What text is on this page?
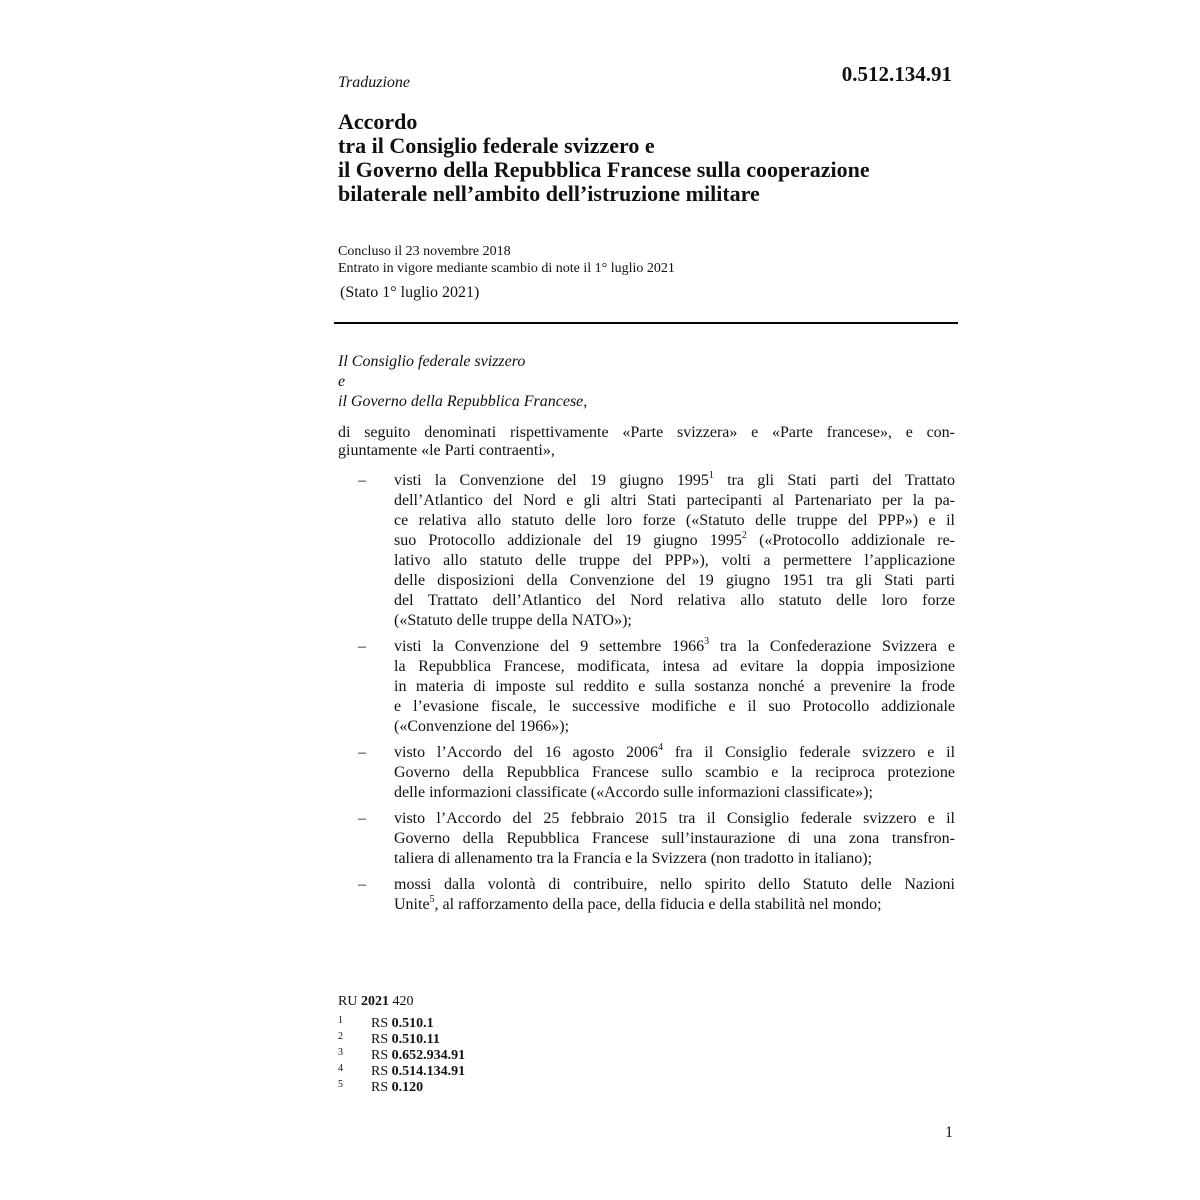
Traduzione	0.512.134.91
Accordo
tra il Consiglio federale svizzero e
il Governo della Repubblica Francese sulla cooperazione
bilaterale nell’ambito dell’istruzione militare
Concluso il 23 novembre 2018
Entrato in vigore mediante scambio di note il 1° luglio 2021
(Stato 1° luglio 2021)
Il Consiglio federale svizzero
e
il Governo della Repubblica Francese,
di seguito denominati rispettivamente «Parte svizzera» e «Parte francese», e con-
giuntamente «le Parti contraenti»,
– visti la Convenzione del 19 giugno 1995$^1$ tra gli Stati parti del Trattato
dell’Atlantico del Nord e gli altri Stati partecipanti al Partenariato per la pa-
ce relativa allo statuto delle loro forze («Statuto delle truppe del PPP») e il
suo Protocollo addizionale del 19 giugno 1995$^2$ («Protocollo addizionale re-
lativo allo statuto delle truppe del PPP»), volti a permettere l’applicazione
delle disposizioni della Convenzione del 19 giugno 1951 tra gli Stati parti
del Trattato dell’Atlantico del Nord relativa allo statuto delle loro forze
(«Statuto delle truppe della NATO»);
– visti la Convenzione del 9 settembre 1966$^3$ tra la Confederazione Svizzera e
la Repubblica Francese, modificata, intesa ad evitare la doppia imposizione
in materia di imposte sul reddito e sulla sostanza nonché a prevenire la frode
e l’evasione fiscale, le successive modifiche e il suo Protocollo addizionale
(«Convenzione del 1966»);
– visto l’Accordo del 16 agosto 2006$^4$ fra il Consiglio federale svizzero e il
Governo della Repubblica Francese sullo scambio e la reciproca protezione
delle informazioni classificate («Accordo sulle informazioni classificate»);
– visto l’Accordo del 25 febbraio 2015 tra il Consiglio federale svizzero e il
Governo della Repubblica Francese sull’instaurazione di una zona transfron-
taliera di allenamento tra la Francia e la Svizzera (non tradotto in italiano);
– mossi dalla volontà di contribuire, nello spirito dello Statuto delle Nazioni
Unite$^5$, al rafforzamento della pace, della fiducia e della stabilità nel mondo;
RU 2021 420
1 RS 0.510.1
2 RS 0.510.11
3 RS 0.652.934.91
4 RS 0.514.134.91
5 RS 0.120
1
